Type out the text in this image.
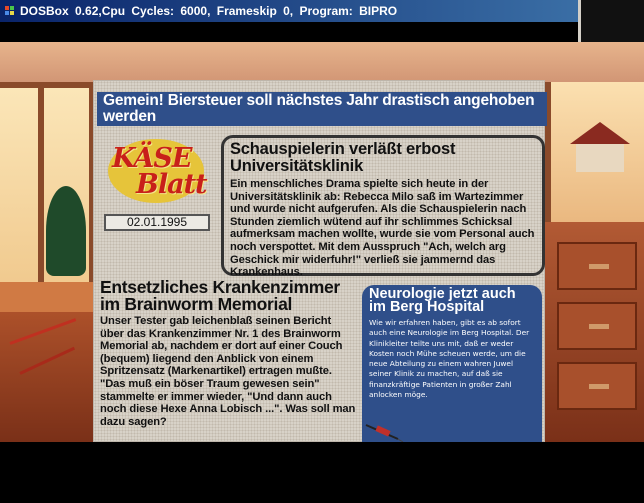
DOSBox 0.62,Cpu Cycles: 6000, Frameskip 0, Program: BIPRO
Gemein! Biersteuer soll nächstes Jahr drastisch angehoben werden
KÄSE
Blatt
02.01.1995
Schauspielerin verläßt erbost Universitätsklinik
Ein menschliches Drama spielte sich heute in der Universitätsklinik ab: Rebecca Milo saß im Wartezimmer und wurde nicht aufgerufen. Als die Schauspielerin nach Stunden ziemlich wütend auf ihr schlimmes Schicksal aufmerksam machen wollte, wurde sie vom Personal auch noch verspottet. Mit dem Ausspruch "Ach, welch arg Geschick mir widerfuhr!" verließ sie jammernd das Krankenhaus.
Entsetzliches Krankenzimmer im Brainworm Memorial
Unser Tester gab leichenblaß seinen Bericht über das Krankenzimmer Nr. 1 des Brainworm Memorial ab, nachdem er dort auf einer Couch (bequem) liegend den Anblick von einem Spritzensatz (Markenartikel) ertragen mußte. "Das muß ein böser Traum gewesen sein" stammelte er immer wieder, "Und dann auch noch diese Hexe Anna Lobisch ...". Was soll man dazu sagen?
Neurologie jetzt auch im Berg Hospital
Wie wir erfahren haben, gibt es ab sofort auch eine Neurologie im Berg Hospital. Der Klinikleiter teilte uns mit, daß er weder Kosten noch Mühe scheuen werde, um die neue Abteilung zu einem wahren Juwel seiner Klinik zu machen, auf daß sie finanzkräftige Patienten in großer Zahl anlocken möge.
